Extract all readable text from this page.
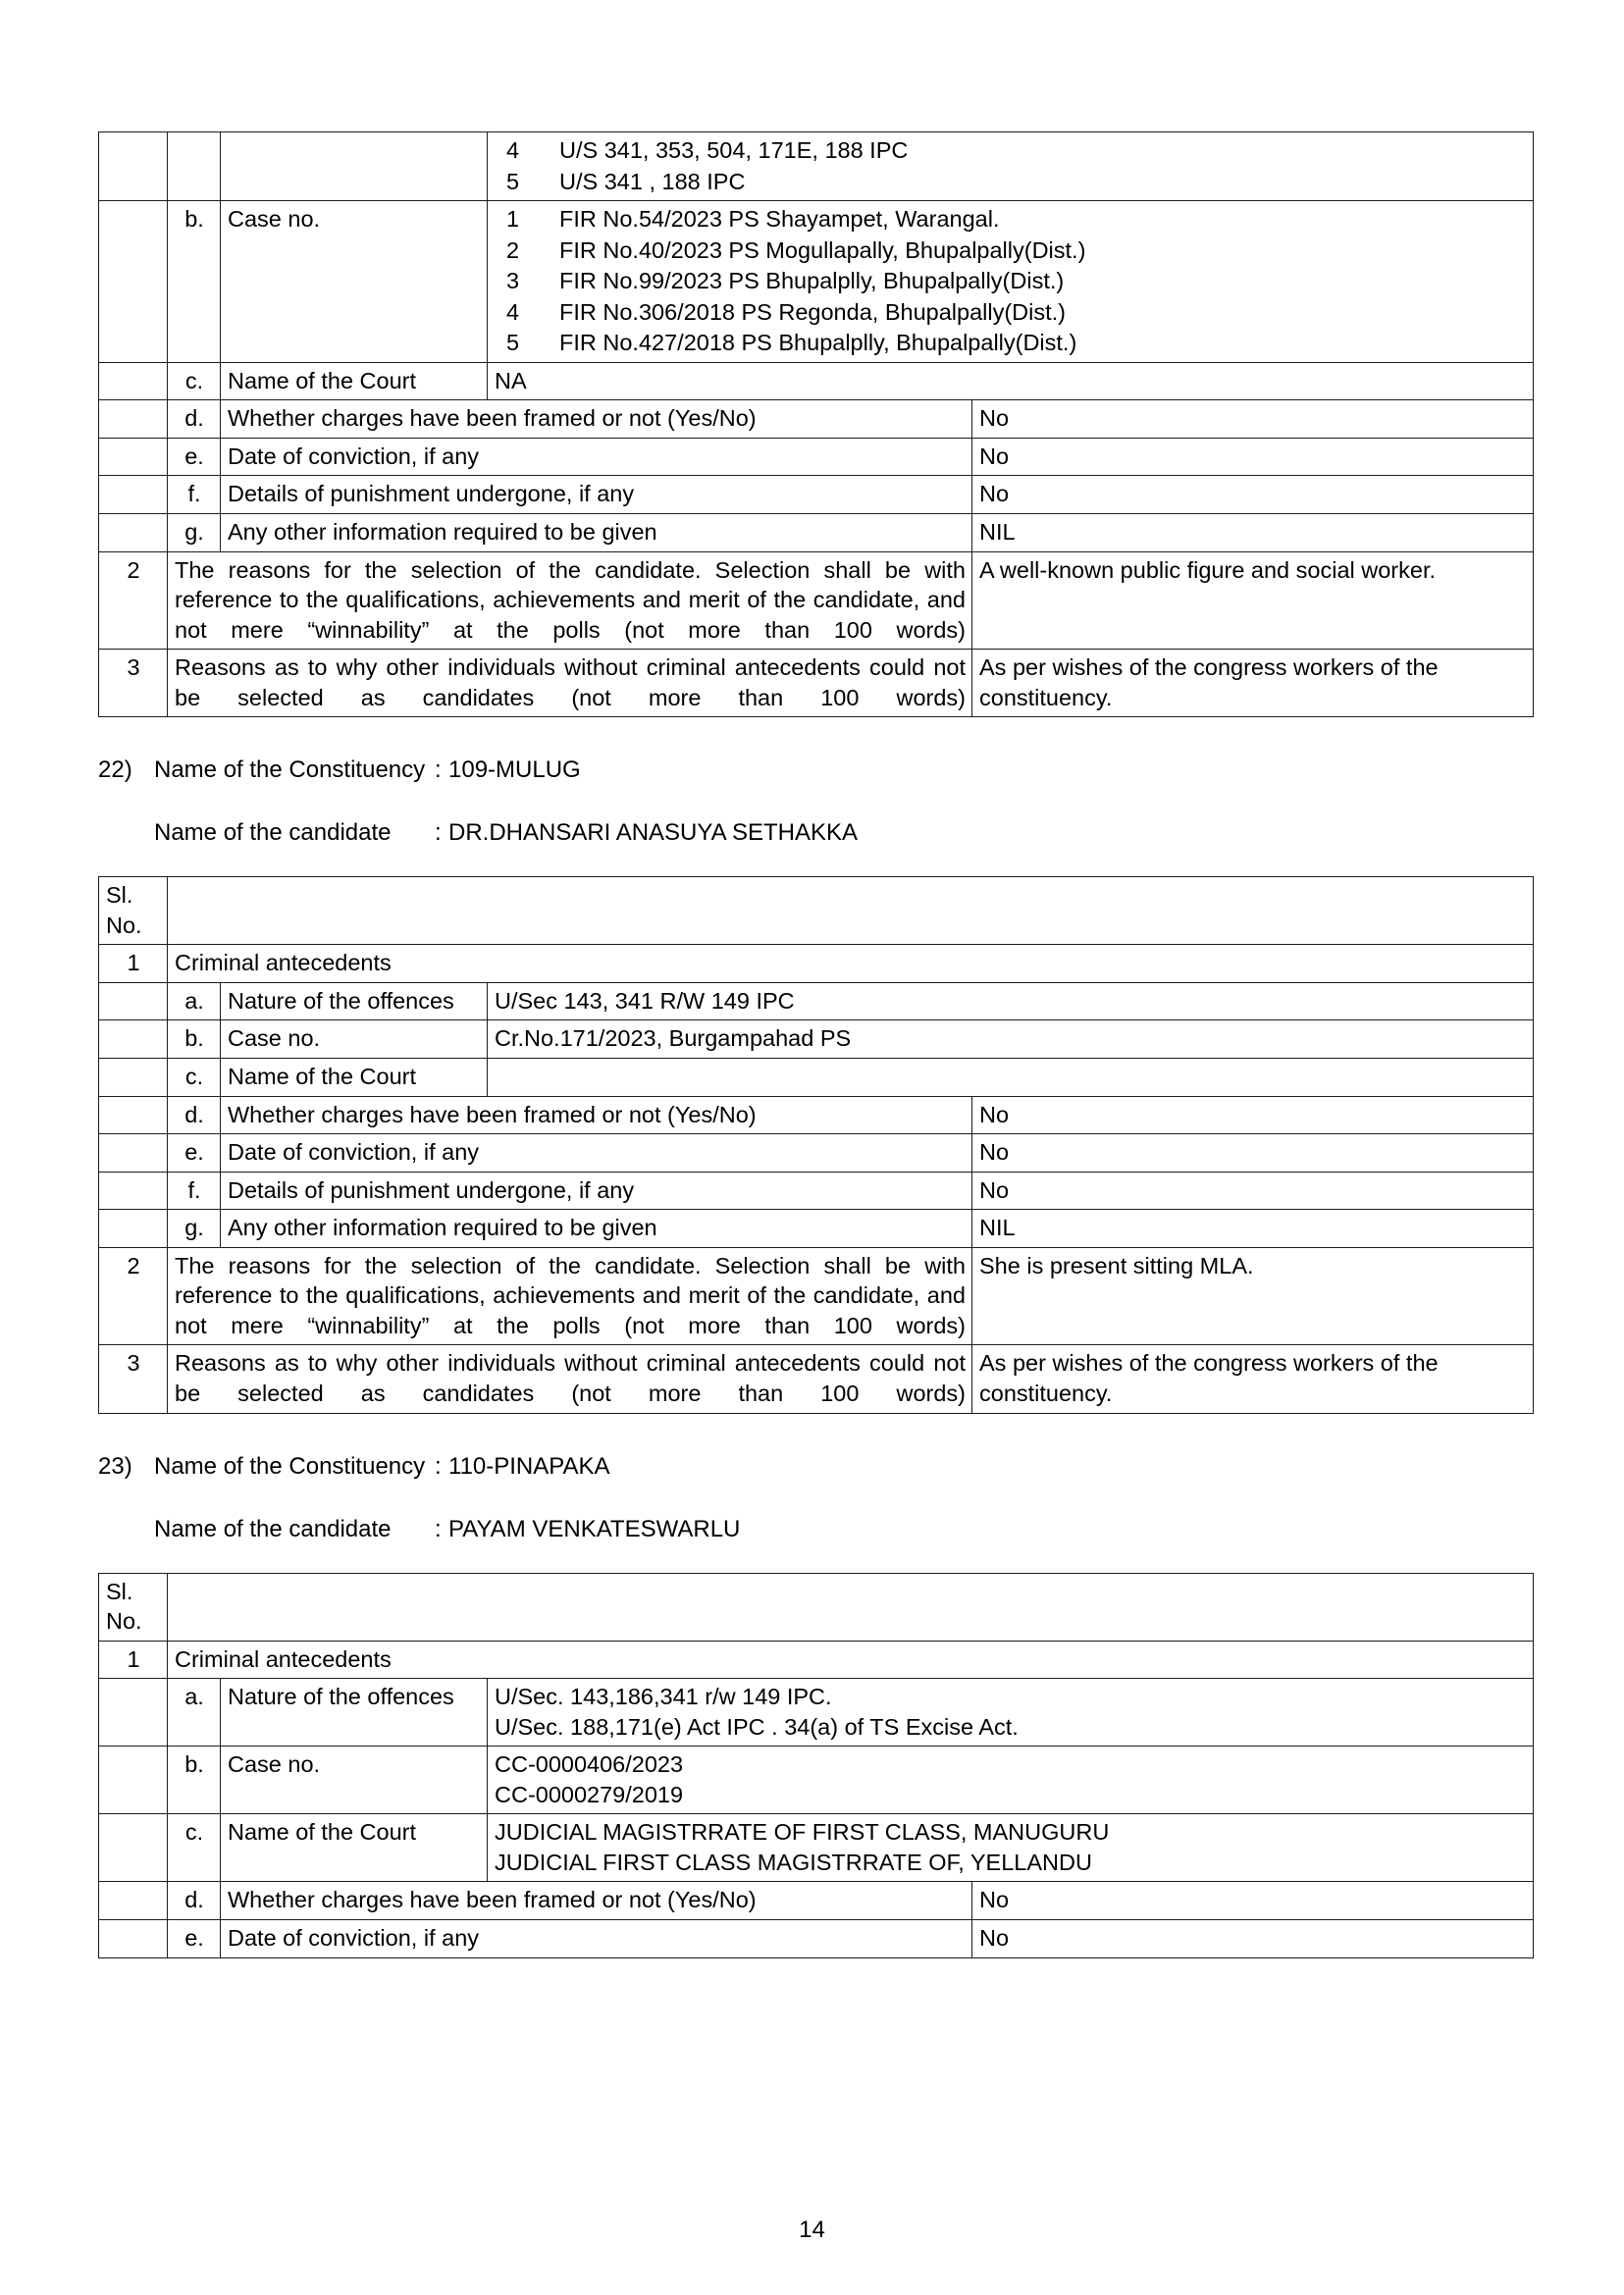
			4 U/S 341, 353, 504, 171E, 188 IPC
5 U/S 341 , 188 IPC	

	b.	Case no.	1	FIR No.54/2023 PS Shayampet, Warangal.
2	FIR No.40/2023 PS Mogullapally, Bhupalpally(Dist.)
3	FIR No.99/2023 PS Bhupalplly, Bhupalpally(Dist.)
4	FIR No.306/2018 PS Regonda, Bhupalpally(Dist.)
5	FIR No.427/2018 PS Bhupalplly, Bhupalpally(Dist.)

	c.	Name of the Court	NA	
	d.	Whether charges have been framed or not (Yes/No)		No
	e.	Date of conviction, if any		No
	f.	Details of punishment undergone, if any		No
	g.	Any other information required to be given		NIL
2	The reasons for the selection of the candidate. Selection shall be with reference to the qualifications, achievements and merit of the candidate, and not mere “winnability” at the polls (not more than 100 words)			A well-known public figure and social worker.
3	Reasons as to why other individuals without criminal antecedents could not be selected as candidates (not more than 100 words)			As per wishes of the congress workers of the constituency.
22) Name of the Constituency : 109-MULUG
Name of the candidate	: DR.DHANSARI ANASUYA SETHAKKA
Sl.
No.				

1	Criminal antecedents			
	a.	Nature of the offences	U/Sec 143, 341 R/W 149 IPC	
	b.	Case no.	Cr.No.171/2023, Burgampahad PS	
	c.	Name of the Court		
	d.	Whether charges have been framed or not (Yes/No)		No
	e.	Date of conviction, if any		No
	f.	Details of punishment undergone, if any		No
	g.	Any other information required to be given		NIL
2	The reasons for the selection of the candidate. Selection shall be with reference to the qualifications, achievements and merit of the candidate, and not mere “winnability” at the polls (not more than 100 words)			She is present sitting MLA.
3	Reasons as to why other individuals without criminal antecedents could not be selected as candidates (not more than 100 words)			As per wishes of the congress workers of the constituency.
23) Name of the Constituency : 110-PINAPAKA
Name of the candidate	: PAYAM VENKATESWARLU
Sl.
No.				

1	Criminal antecedents			
	a.	Nature of the offences	U/Sec. 143,186,341 r/w 149 IPC.
U/Sec. 188,171(e) Act IPC . 34(a) of TS Excise Act.	

	b.	Case no.	CC-0000406/2023
CC-0000279/2019	

	c.	Name of the Court	JUDICIAL MAGISTRRATE OF FIRST CLASS, MANUGURU
JUDICIAL FIRST CLASS MAGISTRRATE OF, YELLANDU	

	d.	Whether charges have been framed or not (Yes/No)		No
	e.	Date of conviction, if any		No
14
